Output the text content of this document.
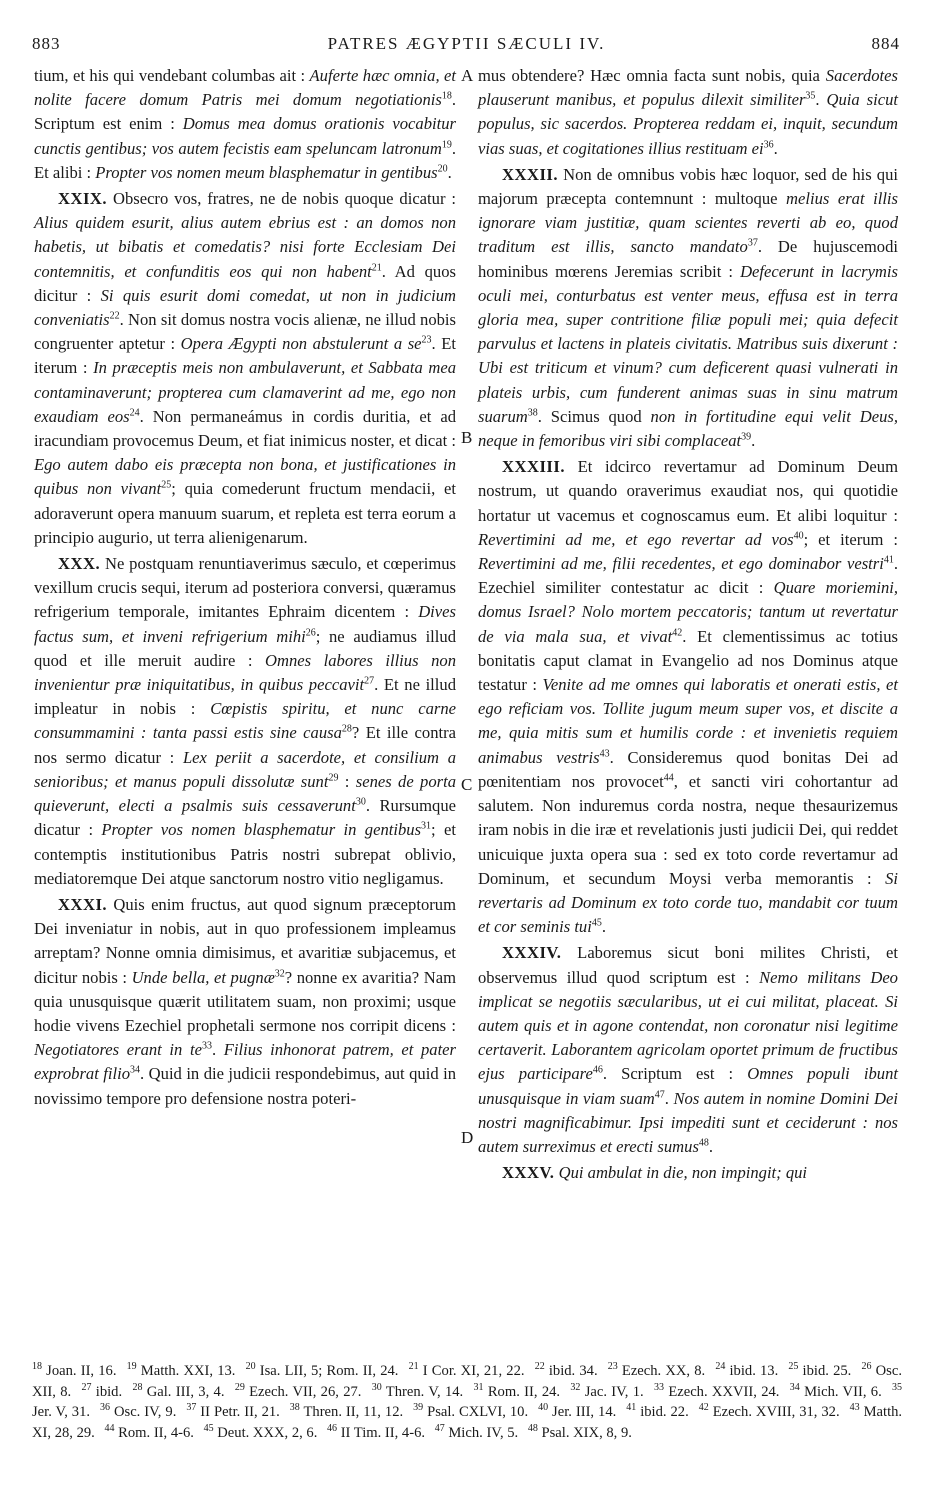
883	PATRES ÆGYPTII SÆCULI IV.	884

tium, et his qui vendebant columbas ait : Auferte hæc omnia, et nolite facere domum Patris mei domum negotiationis$^{18}$. Scriptum est enim : Domus mea domus orationis vocabitur cunctis gentibus; vos autem fecistis eam speluncam latronum$^{19}$. Et alibi : Propter vos nomen meum blasphematur in gentibus$^{20}$.

XXIX. Obsecro vos, fratres, ne de nobis quoque dicatur : Alius quidem esurit, alius autem ebrius est : an domos non habetis, ut bibatis et comedatis? nisi forte Ecclesiam Dei contemnitis, et confunditis eos qui non habent$^{21}$. Ad quos dicitur : Si quis esurit domi comedat, ut non in judicium conveniatis$^{22}$. Non sit domus nostra vocis alienæ, ne illud nobis congruenter aptetur : Opera Ægypti non abstulerunt a $se^{23}$. Et iterum : In præceptis meis non ambulaverunt, et Sabbata mea contaminaverunt; propterea cum clamaverint ad me, ego non exaudiam eos$^{24}$. Non permaneámus in cordis duritia, et ad iracundiam provocemus Deum, et fiat inimicus noster, et dicat : Ego autem dabo eis præcepta non bona, et justificationes in quibus non vivant$^{25}$; quia comederunt fructum mendacii, et adoraverunt opera manuum suarum, et repleta est terra eorum a principio augurio, ut terra alienigenarum.

XXX. Ne postquam renuntiaverimus sæculo, et cœperimus vexillum crucis sequi, iterum ad posteriora conversi, quæramus refrigerium temporale, imitantes Ephraim dicentem : Dives factus sum, et inveni refrigerium mihi$^{26}$; ne audiamus illud quod et ille meruit audire : Omnes labores illius non invenientur præ iniquitatibus, in quibus peccavit$^{27}$. Et ne illud impleatur in nobis : Cœpistis spiritu, et nunc carne consummamini : tanta passi estis sine causa$^{28}$? Et ille contra nos sermo dicatur : Lex periit a sacerdote, et consilium a senioribus; et manus populi dissolutæ sunt$^{29}$ : senes de porta quieverunt, electi a psalmis suis cessaverunt$^{30}$. Rursumque dicatur : Propter vos nomen blasphematur in gentibus$^{31}$; et contemptis institutionibus Patris nostri subrepat oblivio, mediatoremque Dei atque sanctorum nostro vitio negligamus.

XXXI. Quis enim fructus, aut quod signum præceptorum Dei inveniatur in nobis, aut in quo professionem impleamus arreptam? Nonne omnia dimisimus, et avaritiæ subjacemus, et dicitur nobis : Unde bella, et pugnæ$^{32}$? nonne ex avaritia? Nam quia unusquisque quærit utilitatem suam, non proximi; usque hodie vivens Ezechiel prophetali sermone nos corripit dicens : Negotiatores erant in $te^{33}$. Filius inhonorat patrem, et pater exprobrat filio$^{34}$. Quid in die judicii respondebimus, aut quid in novissimo tempore pro defensione nostra poteri-

mus obtendere? Hæc omnia facta sunt nobis, quia Sacerdotes plauserunt manibus, et populus dilexit similiter$^{35}$. Quia sicut populus, sic sacerdos. Propterea reddam ei, inquit, secundum vias suas, et cogitationes illius restituam $ei^{36}$.

XXXII. Non de omnibus vobis hæc loquor, sed de his qui majorum præcepta contemnunt : multoque melius erat illis ignorare viam justitiæ, quam scientes reverti ab eo, quod traditum est illis, sancto mandato$^{37}$. De hujuscemodi hominibus mœrens Jeremias scribit : Defecerunt in lacrymis oculi mei, conturbatus est venter meus, effusa est in terra gloria mea, super contritione filiæ populi mei; quia defecit parvulus et lactens in plateis civitatis. Matribus suis dixerunt : Ubi est triticum et vinum? cum deficerent quasi vulnerati in plateis urbis, cum funderent animas suas in sinu matrum suarum$^{38}$. Scimus quod non in fortitudine equi velit Deus, neque in femoribus viri sibi complaceat$^{39}$.

XXXIII. Et idcirco revertamur ad Dominum Deum nostrum, ut quando oraverimus exaudiat nos, qui quotidie hortatur ut vacemus et cognoscamus eum. Et alibi loquitur : Revertimini ad me, et ego revertar ad vos$^{40}$; et iterum : Revertimini ad me, filii recedentes, et ego dominabor vestri$^{41}$. Ezechiel similiter contestatur ac dicit : Quare moriemini, domus Israel? Nolo mortem peccatoris; tantum ut revertatur de via mala sua, et vivat$^{42}$. Et clementissimus ac totius bonitatis caput clamat in Evangelio ad nos Dominus atque testatur : Venite ad me omnes qui laboratis et onerati estis, et ego reficiam vos. Tollite jugum meum super vos, et discite a me, quia mitis sum et humilis corde : et invenietis requiem animabus vestris$^{43}$. Consideremus quod bonitas Dei ad pœnitentiam nos provocet$^{44}$, et sancti viri cohortantur ad salutem. Non induremus corda nostra, neque thesaurizemus iram nobis in die iræ et revelationis justi judicii Dei, qui reddet unicuique juxta opera sua : sed ex toto corde revertamur ad Dominum, et secundum Moysi verba memorantis : Si revertaris ad Dominum ex toto corde tuo, mandabit cor tuum et cor seminis tui$^{45}$.

XXXIV. Laboremus sicut boni milites Christi, et observemus illud quod scriptum est : Nemo militans Deo implicat se negotiis sæcularibus, ut ei cui militat, placeat. Si autem quis et in agone contendat, non coronatur nisi legitime certaverit. Laborantem agricolam oportet primum de fructibus ejus participare$^{46}$. Scriptum est : Omnes populi ibunt unusquisque in viam suam$^{47}$. Nos autem in nomine Domini Dei nostri magnificabimur. Ipsi impediti sunt et ceciderunt : nos autem surreximus et erecti sumus$^{48}$.

XXXV. Qui ambulat in die, non impingit; qui

A
B
C
D
$^{18}$ Joan. II, 16. $^{19}$ Matth. XXI, 13. $^{20}$ Isa. LII, 5; Rom. II, 24. $^{21}$ I Cor. XI, 21, 22. $^{22}$ ibid. 34. $^{23}$ Ezech. XX, 8. $^{24}$ ibid. 13. $^{25}$ ibid. 25. $^{26}$ Osc. XII, 8. $^{27}$ ibid. $^{28}$ Gal. III, 3, 4. $^{29}$ Ezech. VII, 26, 27. $^{30}$ Thren. V, 14. $^{31}$ Rom. II, 24. $^{32}$ Jac. IV, 1. $^{33}$ Ezech. XXVII, 24. $^{34}$ Mich. VII, 6. $^{35}$ Jer. V, 31. $^{36}$ Osc. IV, 9. $^{37}$ II Petr. II, 21. $^{38}$ Thren. II, 11, 12. $^{39}$ Psal. CXLVI, 10. $^{40}$ Jer. III, 14. $^{41}$ ibid. 22. $^{42}$ Ezech. XVIII, 31, 32. $^{43}$ Matth. XI, 28, 29. $^{44}$ Rom. II, 4-6. $^{45}$ Deut. XXX, 2, 6. $^{46}$ II Tim. II, 4-6. $^{47}$ Mich. IV, 5. $^{48}$ Psal. XIX, 8, 9.
